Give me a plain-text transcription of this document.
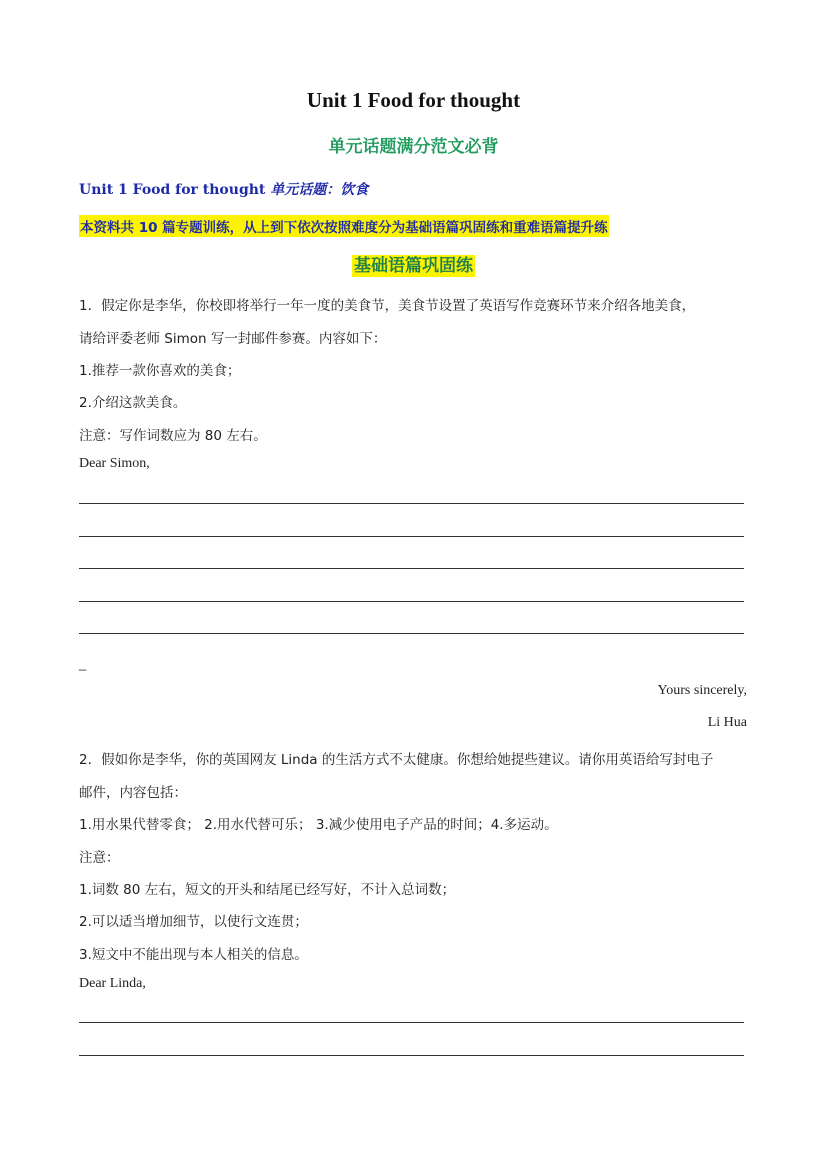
Unit 1 Food for thought
单元话题满分范文必背
Unit 1 Food for thought 单元话题：饮食
本资料共 10 篇专题训练，从上到下依次按照难度分为基础语篇巩固练和重难语篇提升练
基础语篇巩固练
1．假定你是李华，你校即将举行一年一度的美食节，美食节设置了英语写作竞赛环节来介绍各地美食，
请给评委老师 Simon 写一封邮件参赛。内容如下：
1.推荐一款你喜欢的美食；
2.介绍这款美食。
注意：写作词数应为 80 左右。
Dear Simon,
_
Yours sincerely,
Li Hua
2．假如你是李华，你的英国网友 Linda 的生活方式不太健康。你想给她提些建议。请你用英语给写封电子
邮件，内容包括：
1.用水果代替零食； 2.用水代替可乐； 3.减少使用电子产品的时间；4.多运动。
注意：
1.词数 80 左右，短文的开头和结尾已经写好，不计入总词数；
2.可以适当增加细节，以使行文连贯；
3.短文中不能出现与本人相关的信息。
Dear Linda,
